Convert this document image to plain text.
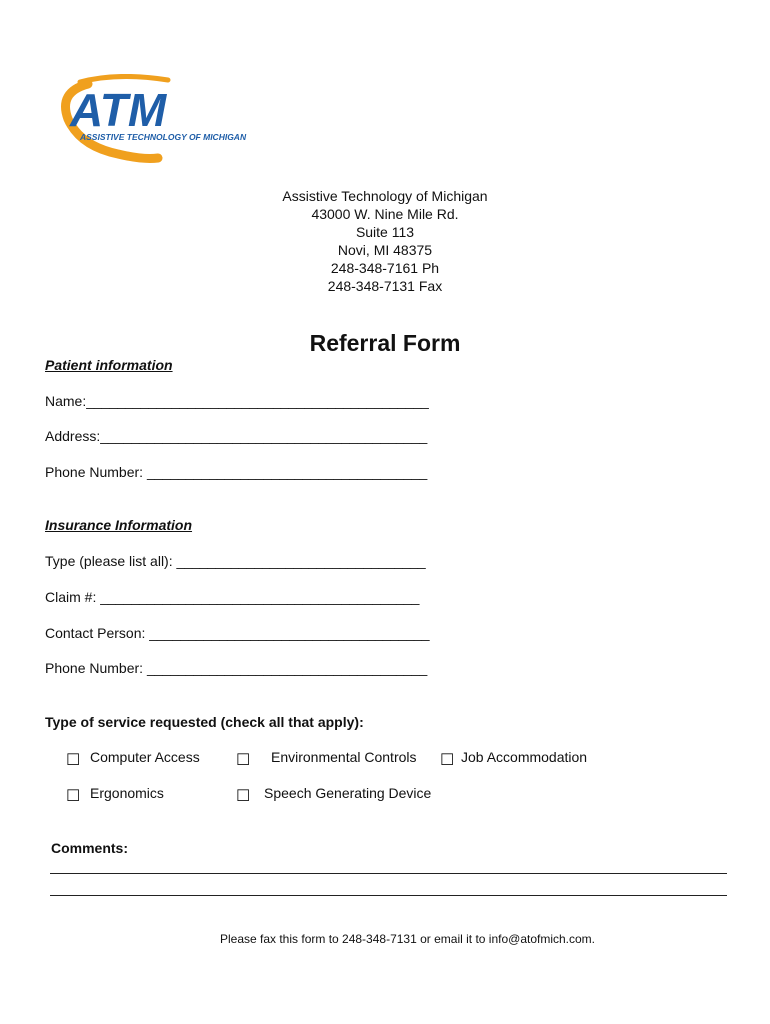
ATM
ASSISTIVE TECHNOLOGY OF MICHIGAN
Assistive Technology of Michigan
43000 W. Nine Mile Rd.
Suite 113
Novi, MI 48375
248-348-7161 Ph
248-348-7131 Fax
Referral Form
Patient information
Name:____________________________________________
Address:__________________________________________
Phone Number: ____________________________________
Insurance Information
Type (please list all): ________________________________
Claim #: _________________________________________
Contact Person: ____________________________________
Phone Number: ____________________________________
Type of service requested (check all that apply):
☐ Computer Access ☐ Environmental Controls ☐ Job Accommodation
☐ Ergonomics	☐ Speech Generating Device
Comments:
Please fax this form to 248-348-7131 or email it to info@atofmich.com.
